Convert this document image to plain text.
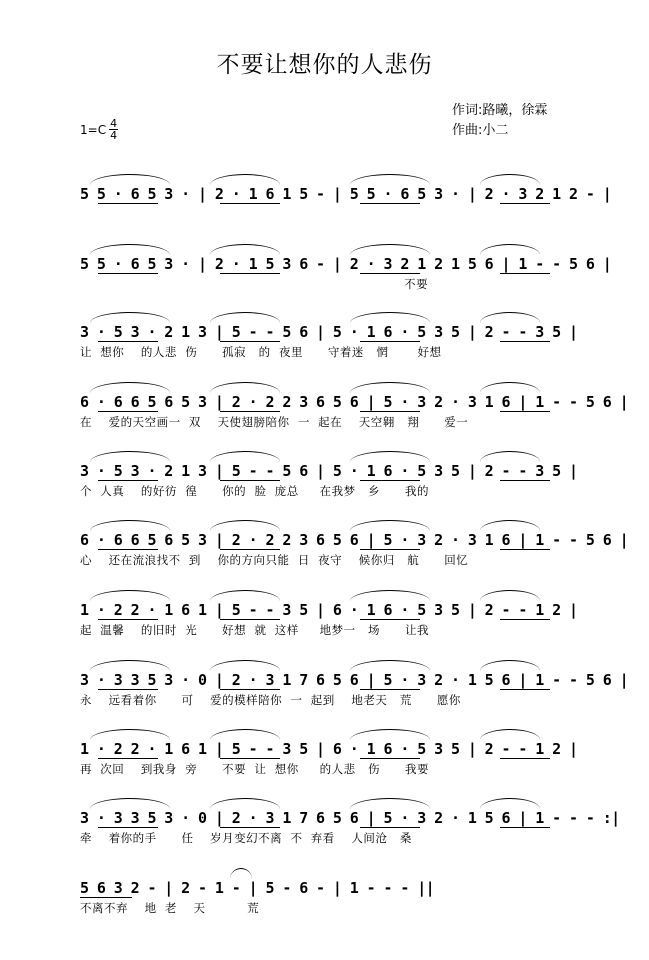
不要让想你的人悲伤
作词:路曦，徐霖
作曲:小二
$1=C \frac{4}{4}$
5 5 · 6 5 3 · | 2 · 1 6 1 5 - | 5 5 · 6 5 3 · | 2 · 3 2 1 2 - |
5 5 · 6 5 3 · | 2 · 1 5 3 6 - | 2 · 3 2 1 2 1 5 6 | 1 - - 5 6 |
不要
3 · 5 3 · 2 1 3 | 5 - - 5 6 | 5 · 1 6 · 5 3 5 | 2 - - 3 5 |
让  想你    的人悲  伤      孤寂   的  夜里      守着迷   惘       好想
6 · 6 6 5 6 5 3 | 2 · 2 2 3 6 5 6 | 5 · 3 2 · 3 1 6 | 1 - - 5 6 |
在    爱的天空画一  双    天使翅膀陪你  一  起在    天空翱   翔      爱一
3 · 5 3 · 2 1 3 | 5 - - 5 6 | 5 · 1 6 · 5 3 5 | 2 - - 3 5 |
个  人真    的好彷  徨      你的  脸  庞总     在我梦   乡      我的
6 · 6 6 5 6 5 3 | 2 · 2 2 3 6 5 6 | 5 · 3 2 · 3 1 6 | 1 - - 5 6 |
心    还在流浪找不  到    你的方向只能  日  夜守    候你归   航      回忆
1 · 2 2 · 1 6 1 | 5 - - 3 5 | 6 · 1 6 · 5 3 5 | 2 - - 1 2 |
起  温馨    的旧时  光      好想  就  这样     地梦一   场      让我
3 · 3 3 5 3 · 0 | 2 · 3 1 7 6 5 6 | 5 · 3 2 · 1 5 6 | 1 - - 5 6 |
永    远看着你      可    爱的模样陪你  一  起到    地老天   荒      愿你
1 · 2 2 · 1 6 1 | 5 - - 3 5 | 6 · 1 6 · 5 3 5 | 2 - - 1 2 |
再  次回    到我身  旁      不要  让  想你     的人悲   伤      我要
3 · 3 3 5 3 · 0 | 2 · 3 1 7 6 5 6 | 5 · 3 2 · 1 5 6 | 1 - - - :|
牵    着你的手      任    岁月变幻不离  不  弃看    人间沧   桑
5 6 3 2 - | 2 - 1 - | 5 - 6 - | 1 - - - ||
不离不弃    地  老    天          荒
